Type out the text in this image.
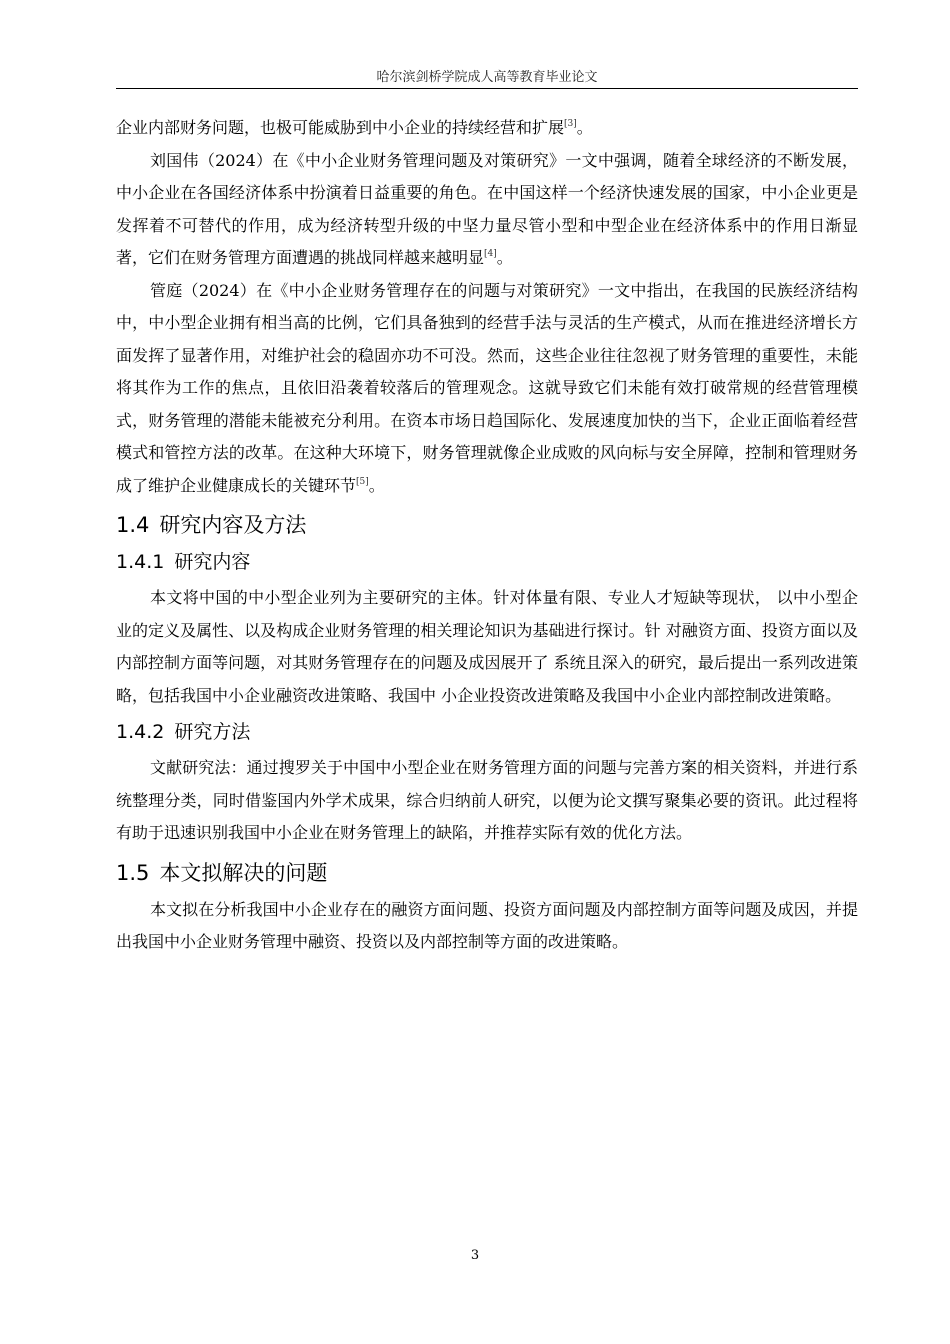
哈尔滨剑桥学院成人高等教育毕业论文

企业内部财务问题，也极可能威胁到中小企业的持续经营和扩展[3]。

刘国伟（2024）在《中小企业财务管理问题及对策研究》一文中强调，随着全球经济的不断发展，中小企业在各国经济体系中扮演着日益重要的角色。在中国这样一个经济快速发展的国家，中小企业更是发挥着不可替代的作用，成为经济转型升级的中坚力量尽管小型和中型企业在经济体系中的作用日渐显著，它们在财务管理方面遭遇的挑战同样越来越明显[4]。

管庭（2024）在《中小企业财务管理存在的问题与对策研究》一文中指出，在我国的民族经济结构中，中小型企业拥有相当高的比例，它们具备独到的经营手法与灵活的生产模式，从而在推进经济增长方面发挥了显著作用，对维护社会的稳固亦功不可没。然而，这些企业往往忽视了财务管理的重要性，未能将其作为工作的焦点，且依旧沿袭着较落后的管理观念。这就导致它们未能有效打破常规的经营管理模式，财务管理的潜能未能被充分利用。在资本市场日趋国际化、发展速度加快的当下，企业正面临着经营模式和管控方法的改革。在这种大环境下，财务管理就像企业成败的风向标与安全屏障，控制和管理财务成了维护企业健康成长的关键环节[5]。

1.4 研究内容及方法
1.4.1 研究内容

本文将中国的中小型企业列为主要研究的主体。针对体量有限、专业人才短缺等现状， 以中小型企业的定义及属性、以及构成企业财务管理的相关理论知识为基础进行探讨。针 对融资方面、投资方面以及内部控制方面等问题，对其财务管理存在的问题及成因展开了 系统且深入的研究，最后提出一系列改进策略，包括我国中小企业融资改进策略、我国中 小企业投资改进策略及我国中小企业内部控制改进策略。

1.4.2 研究方法

文献研究法：通过搜罗关于中国中小型企业在财务管理方面的问题与完善方案的相关资料，并进行系统整理分类，同时借鉴国内外学术成果，综合归纳前人研究，以便为论文撰写聚集必要的资讯。此过程将有助于迅速识别我国中小企业在财务管理上的缺陷，并推荐实际有效的优化方法。

1.5 本文拟解决的问题

本文拟在分析我国中小企业存在的融资方面问题、投资方面问题及内部控制方面等问题及成因，并提出我国中小企业财务管理中融资、投资以及内部控制等方面的改进策略。

3
